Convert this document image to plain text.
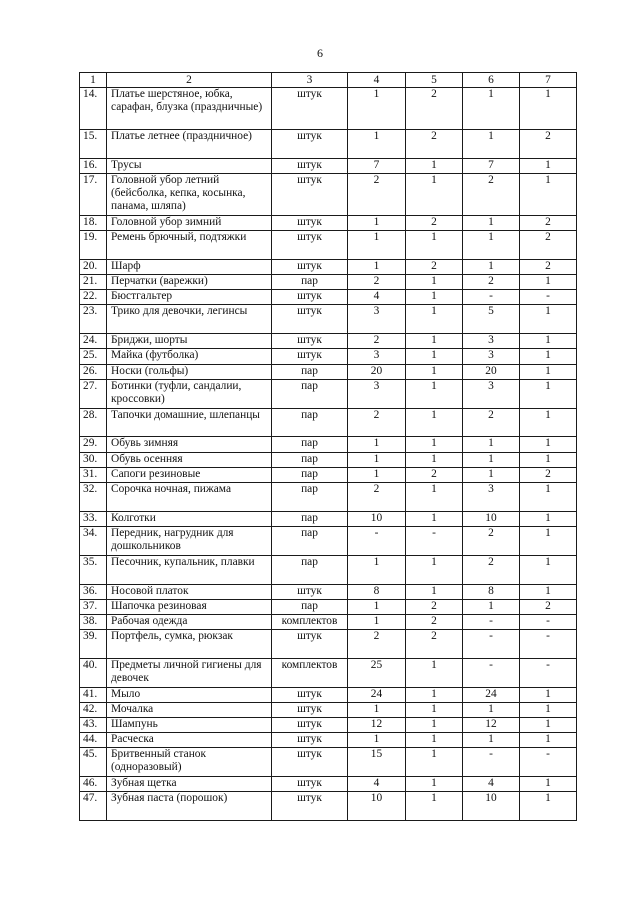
6
1	2	3	4	5	6	7
14.	Платье шерстяное, юбка, сарафан, блузка (праздничные)	штук	1	2	1	1
15.	Платье летнее (праздничное)	штук	1	2	1	2
16.	Трусы	штук	7	1	7	1
17.	Головной убор летний (бейсболка, кепка, косынка, панама, шляпа)	штук	2	1	2	1
18.	Головной убор зимний	штук	1	2	1	2
19.	Ремень брючный, подтяжки	штук	1	1	1	2
20.	Шарф	штук	1	2	1	2
21.	Перчатки (варежки)	пар	2	1	2	1
22.	Бюстгальтер	штук	4	1	-	-
23.	Трико для девочки, легинсы	штук	3	1	5	1
24.	Бриджи, шорты	штук	2	1	3	1
25.	Майка (футболка)	штук	3	1	3	1
26.	Носки (гольфы)	пар	20	1	20	1
27.	Ботинки (туфли, сандалии, кроссовки)	пар	3	1	3	1
28.	Тапочки домашние, шлепанцы	пар	2	1	2	1
29.	Обувь зимняя	пар	1	1	1	1
30.	Обувь осенняя	пар	1	1	1	1
31.	Сапоги резиновые	пар	1	2	1	2
32.	Сорочка ночная, пижама	пар	2	1	3	1
33.	Колготки	пар	10	1	10	1
34.	Передник, нагрудник для дошкольников	пар	-	-	2	1
35.	Песочник, купальник, плавки	пар	1	1	2	1
36.	Носовой платок	штук	8	1	8	1
37.	Шапочка резиновая	пар	1	2	1	2
38.	Рабочая одежда	комплектов	1	2	-	-
39.	Портфель, сумка, рюкзак	штук	2	2	-	-
40.	Предметы личной гигиены для девочек	комплектов	25	1	-	-
41.	Мыло	штук	24	1	24	1
42.	Мочалка	штук	1	1	1	1
43.	Шампунь	штук	12	1	12	1
44.	Расческа	штук	1	1	1	1
45.	Бритвенный станок (одноразовый)	штук	15	1	-	-
46.	Зубная щетка	штук	4	1	4	1
47.	Зубная паста (порошок)	штук	10	1	10	1
